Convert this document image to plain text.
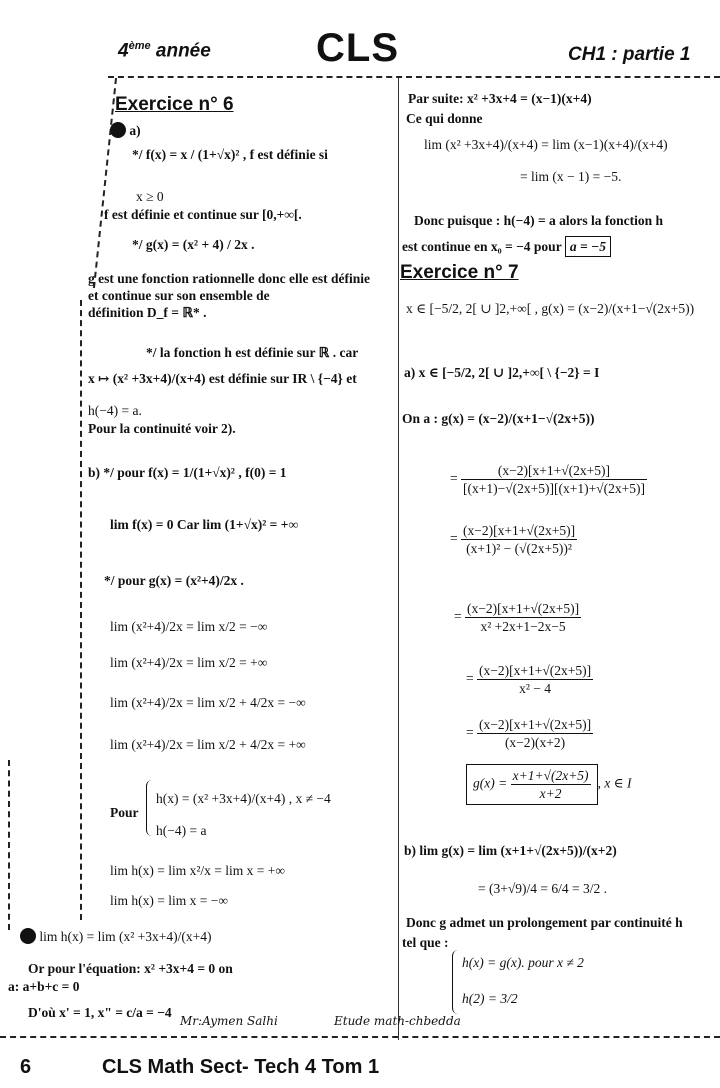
4ème année	CLS	CH1 : partie 1
Exercice n° 6
a)
*/ f(x) = x / (1+√x)² , f est définie si
x ≥ 0
f est définie et continue sur [0,+∞[.
*/ g(x) = (x² + 4) / 2x .
g est une fonction rationnelle donc elle est définie
et continue sur son ensemble de
définition D_f = ℝ* .
*/ la fonction h est définie sur ℝ . car
x ↦ (x² +3x+4)/(x+4) est définie sur IR \ {−4} et
h(−4) = a.
Pour la continuité voir 2).
b) */ pour f(x) = 1/(1+√x)² , f(0) = 1
lim f(x) = 0 Car lim (1+√x)² = +∞
*/ pour g(x) = (x²+4)/2x .
lim (x²+4)/2x = lim x/2 = −∞
lim (x²+4)/2x = lim x/2 = +∞
lim (x²+4)/2x = lim x/2 + 4/2x = −∞
lim (x²+4)/2x = lim x/2 + 4/2x = +∞
Pour
h(x) = (x² +3x+4)/(x+4) , x ≠ −4
h(−4) = a
lim h(x) = lim x²/x = lim x = +∞
lim h(x) = lim x = −∞
lim h(x) = lim (x² +3x+4)/(x+4)
Or pour l'équation: x² +3x+4 = 0 on
a: a+b+c = 0
D'où x' = 1, x" = c/a = −4
Par suite: x² +3x+4 = (x−1)(x+4)
Ce qui donne
lim (x² +3x+4)/(x+4) = lim (x−1)(x+4)/(x+4)
= lim (x − 1) = −5.
Donc puisque : h(−4) = a alors la fonction h
est continue en x₀ = −4 pour a = −5
Exercice n° 7
x ∈ [−5/2, 2[ ∪ ]2,+∞[ , g(x) = (x−2)/(x+1−√(2x+5))
a) x ∈ [−5/2, 2[ ∪ ]2,+∞[ \ {−2} = I
On a : g(x) = (x−2)/(x+1−√(2x+5))
= $\frac{(x-2)[x+1+√(2x+5)]}{[(x+1)-√(2x+5)][(x+1)+√(2x+5)]}$
= $\frac{(x-2)[x+1+√(2x+5)]}{\text{(x+1)² − (√(2x+5))²}}$
= $\frac{(x-2)[x+1+√(2x+5)]}{\text{x² +2x+1−2x−5}}$
= $\frac{(x-2)[x+1+√(2x+5)]}{\text{x² − 4}}$
= $\frac{(x-2)[x+1+√(2x+5)]}{(x-2)(x+2)}$
$g(x) = \frac{x+1+√(2x+5)}{x+2}$ , x ∈ I
b) lim g(x) = lim (x+1+√(2x+5))/(x+2)
= (3+√9)/4 = 6/4 = 3/2 .
Donc g admet un prolongement par continuité h
tel que :
h(x) = g(x). pour x ≠ 2
h(2) = 3/2
Mr:Aymen Salhi	Etude math-chbedda
6	CLS Math Sect- Tech 4 Tom 1
